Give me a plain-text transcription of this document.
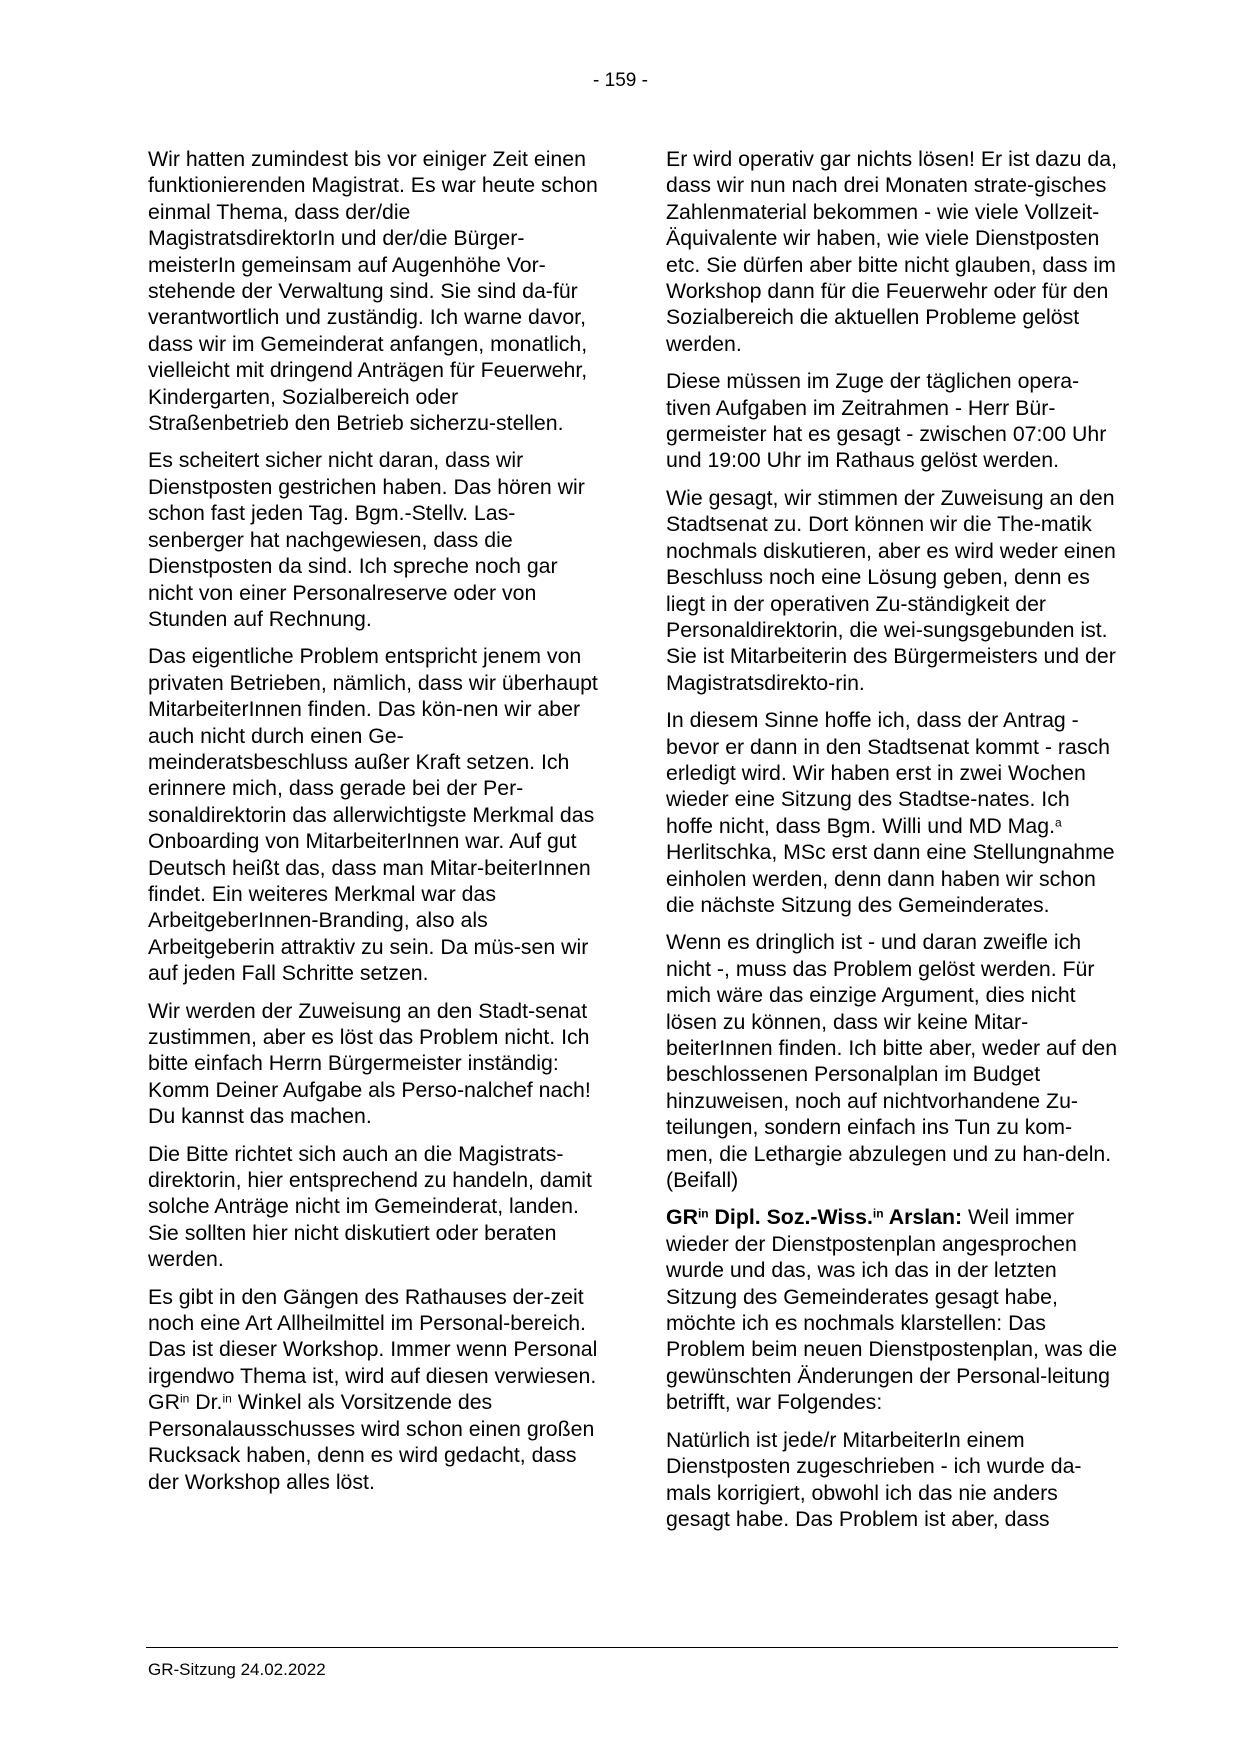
- 159 -

Wir hatten zumindest bis vor einiger Zeit einen funktionierenden Magistrat. Es war heute schon einmal Thema, dass der/die MagistratsdirektorIn und der/die Bürger-meisterIn gemeinsam auf Augenhöhe Vor-stehende der Verwaltung sind. Sie sind da-für verantwortlich und zuständig. Ich warne davor, dass wir im Gemeinderat anfangen, monatlich, vielleicht mit dringend Anträgen für Feuerwehr, Kindergarten, Sozialbereich oder Straßenbetrieb den Betrieb sicherzu-stellen.

Es scheitert sicher nicht daran, dass wir Dienstposten gestrichen haben. Das hören wir schon fast jeden Tag. Bgm.-Stellv. Las-senberger hat nachgewiesen, dass die Dienstposten da sind. Ich spreche noch gar nicht von einer Personalreserve oder von Stunden auf Rechnung.

Das eigentliche Problem entspricht jenem von privaten Betrieben, nämlich, dass wir überhaupt MitarbeiterInnen finden. Das kön-nen wir aber auch nicht durch einen Ge-meinderatsbeschluss außer Kraft setzen. Ich erinnere mich, dass gerade bei der Per-sonaldirektorin das allerwichtigste Merkmal das Onboarding von MitarbeiterInnen war. Auf gut Deutsch heißt das, dass man Mitar-beiterInnen findet. Ein weiteres Merkmal war das ArbeitgeberInnen-Branding, also als Arbeitgeberin attraktiv zu sein. Da müs-sen wir auf jeden Fall Schritte setzen.

Wir werden der Zuweisung an den Stadt-senat zustimmen, aber es löst das Problem nicht. Ich bitte einfach Herrn Bürgermeister inständig: Komm Deiner Aufgabe als Perso-nalchef nach! Du kannst das machen.

Die Bitte richtet sich auch an die Magistrats-direktorin, hier entsprechend zu handeln, damit solche Anträge nicht im Gemeinderat, landen. Sie sollten hier nicht diskutiert oder beraten werden.

Es gibt in den Gängen des Rathauses der-zeit noch eine Art Allheilmittel im Personal-bereich. Das ist dieser Workshop. Immer wenn Personal irgendwo Thema ist, wird auf diesen verwiesen. $GR^{in}$ Dr.$^{in}$ Winkel als Vorsitzende des Personalausschusses wird schon einen großen Rucksack haben, denn es wird gedacht, dass der Workshop alles löst.

Er wird operativ gar nichts lösen! Er ist dazu da, dass wir nun nach drei Monaten strate-gisches Zahlenmaterial bekommen - wie viele Vollzeit-Äquivalente wir haben, wie viele Dienstposten etc. Sie dürfen aber bitte nicht glauben, dass im Workshop dann für die Feuerwehr oder für den Sozialbereich die aktuellen Probleme gelöst werden.

Diese müssen im Zuge der täglichen opera-tiven Aufgaben im Zeitrahmen - Herr Bür-germeister hat es gesagt - zwischen 07:00 Uhr und 19:00 Uhr im Rathaus gelöst werden.

Wie gesagt, wir stimmen der Zuweisung an den Stadtsenat zu. Dort können wir die The-matik nochmals diskutieren, aber es wird weder einen Beschluss noch eine Lösung geben, denn es liegt in der operativen Zu-ständigkeit der Personaldirektorin, die wei-sungsgebunden ist. Sie ist Mitarbeiterin des Bürgermeisters und der Magistratsdirekto-rin.

In diesem Sinne hoffe ich, dass der Antrag - bevor er dann in den Stadtsenat kommt - rasch erledigt wird. Wir haben erst in zwei Wochen wieder eine Sitzung des Stadtse-nates. Ich hoffe nicht, dass Bgm. Willi und MD Mag.$^a$ Herlitschka, MSc erst dann eine Stellungnahme einholen werden, denn dann haben wir schon die nächste Sitzung des Gemeinderates.

Wenn es dringlich ist - und daran zweifle ich nicht -, muss das Problem gelöst werden. Für mich wäre das einzige Argument, dies nicht lösen zu können, dass wir keine Mitar-beiterInnen finden. Ich bitte aber, weder auf den beschlossenen Personalplan im Budget hinzuweisen, noch auf nichtvorhandene Zu-teilungen, sondern einfach ins Tun zu kom-men, die Lethargie abzulegen und zu han-deln. (Beifall)

$GR^{in}$ Dipl. Soz.-Wiss.$^{in}$ Arslan: Weil immer wieder der Dienstpostenplan angesprochen wurde und das, was ich das in der letzten Sitzung des Gemeinderates gesagt habe, möchte ich es nochmals klarstellen: Das Problem beim neuen Dienstpostenplan, was die gewünschten Änderungen der Personal-leitung betrifft, war Folgendes:

Natürlich ist jede/r MitarbeiterIn einem Dienstposten zugeschrieben - ich wurde da-mals korrigiert, obwohl ich das nie anders gesagt habe. Das Problem ist aber, dass

GR-Sitzung 24.02.2022
